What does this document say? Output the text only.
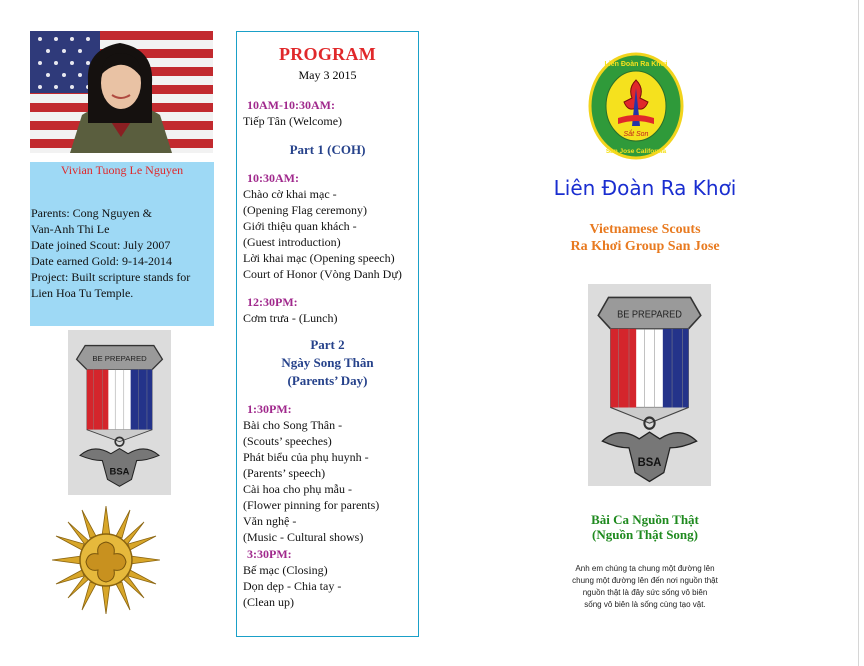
Vivian Tuong Le Nguyen
Parents: Cong Nguyen &
Van-Anh Thi Le
Date joined Scout: July 2007
Date earned Gold: 9-14-2014
Project: Built scripture stands for
Lien Hoa Tu Temple.
BE PREPARED
BSA
PROGRAM
May 3 2015
10AM-10:30AM:
Tiếp Tân (Welcome)
Part 1 (COH)
10:30AM:
Chào cờ khai mạc -
(Opening Flag ceremony)
Giới thiệu quan khách -
(Guest introduction)
Lời khai mạc (Opening speech)
Court of Honor (Vòng Danh Dự)
12:30PM:
Cơm trưa - (Lunch)
Part 2
Ngày Song Thân
(Parents’ Day)
1:30PM:
Bài cho Song Thân -
(Scouts’ speeches)
Phát biểu của phụ huynh -
(Parents’ speech)
Cài hoa cho phụ mẫu -
(Flower pinning for parents)
Văn nghệ -
(Music - Cultural shows)
3:30PM:
Bế mạc (Closing)
Dọn dẹp - Chia tay -
(Clean up)
Sắt Son
Liên Đoàn Ra Khơi
San Jose California
Liên Đoàn Ra Khơi
Vietnamese Scouts
Ra Khơi Group San Jose
BE PREPARED
BSA
Bài Ca Nguồn Thật
(Nguồn Thật Song)
Anh em chúng ta chung một đường lên
chung một đường lên đến nơi nguồn thật
nguồn thật là đây sức sống vô biên
sống vô biên là sống cùng tạo vật.
